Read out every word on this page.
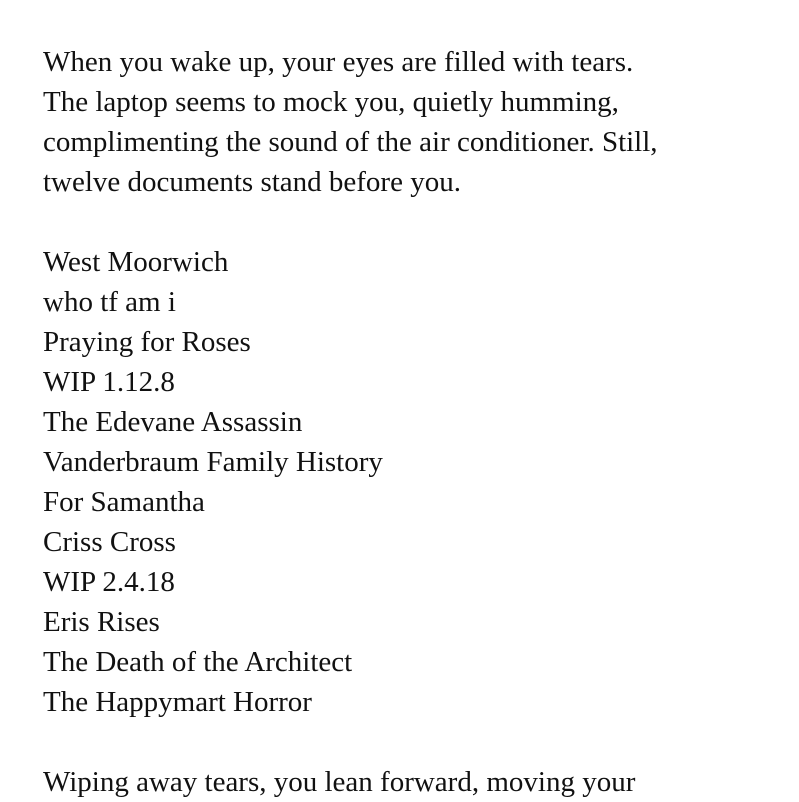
When you wake up, your eyes are filled with tears.
The laptop seems to mock you, quietly humming,
complimenting the sound of the air conditioner. Still,
twelve documents stand before you.

West Moorwich
who tf am i
Praying for Roses
WIP 1.12.8
The Edevane Assassin
Vanderbraum Family History
For Samantha
Criss Cross
WIP 2.4.18
Eris Rises
The Death of the Architect
The Happymart Horror

Wiping away tears, you lean forward, moving your
